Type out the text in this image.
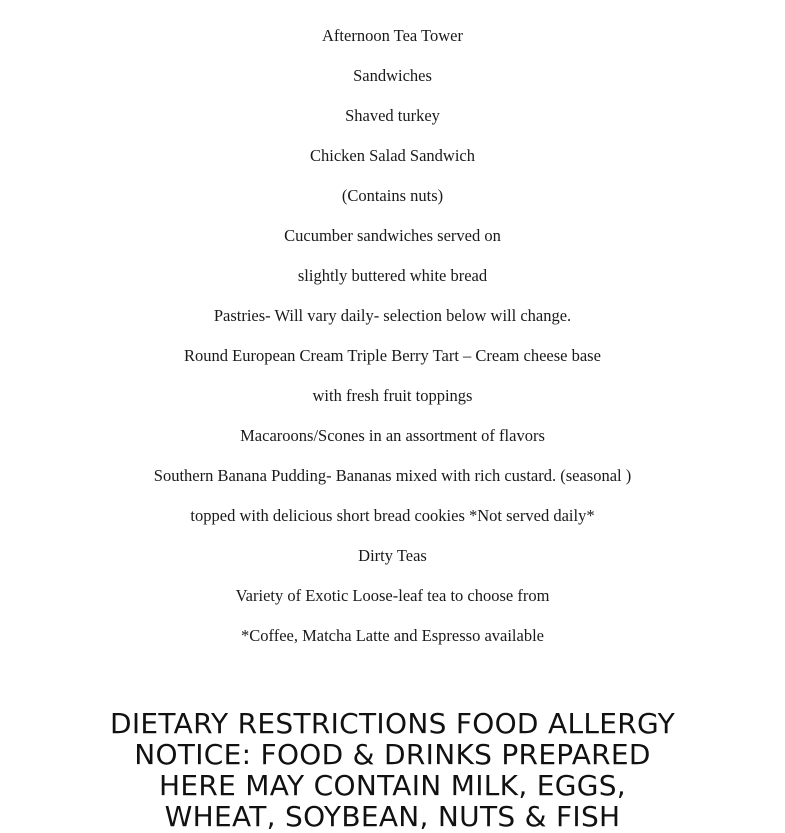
Afternoon Tea Tower
Sandwiches
Shaved turkey
Chicken Salad Sandwich
(Contains nuts)
Cucumber sandwiches served on
slightly buttered white bread
Pastries- Will vary daily- selection below will change.
Round European Cream Triple Berry Tart – Cream cheese base
with fresh fruit toppings
Macaroons/Scones in an assortment of flavors
Southern Banana Pudding- Bananas mixed with rich custard. (seasonal )
topped with delicious short bread cookies *Not served daily*
Dirty Teas
Variety of Exotic Loose-leaf tea to choose from
*Coffee, Matcha Latte and Espresso available
DIETARY RESTRICTIONS FOOD ALLERGY
NOTICE: FOOD & DRINKS PREPARED
HERE MAY CONTAIN MILK, EGGS,
WHEAT, SOYBEAN, NUTS & FISH
